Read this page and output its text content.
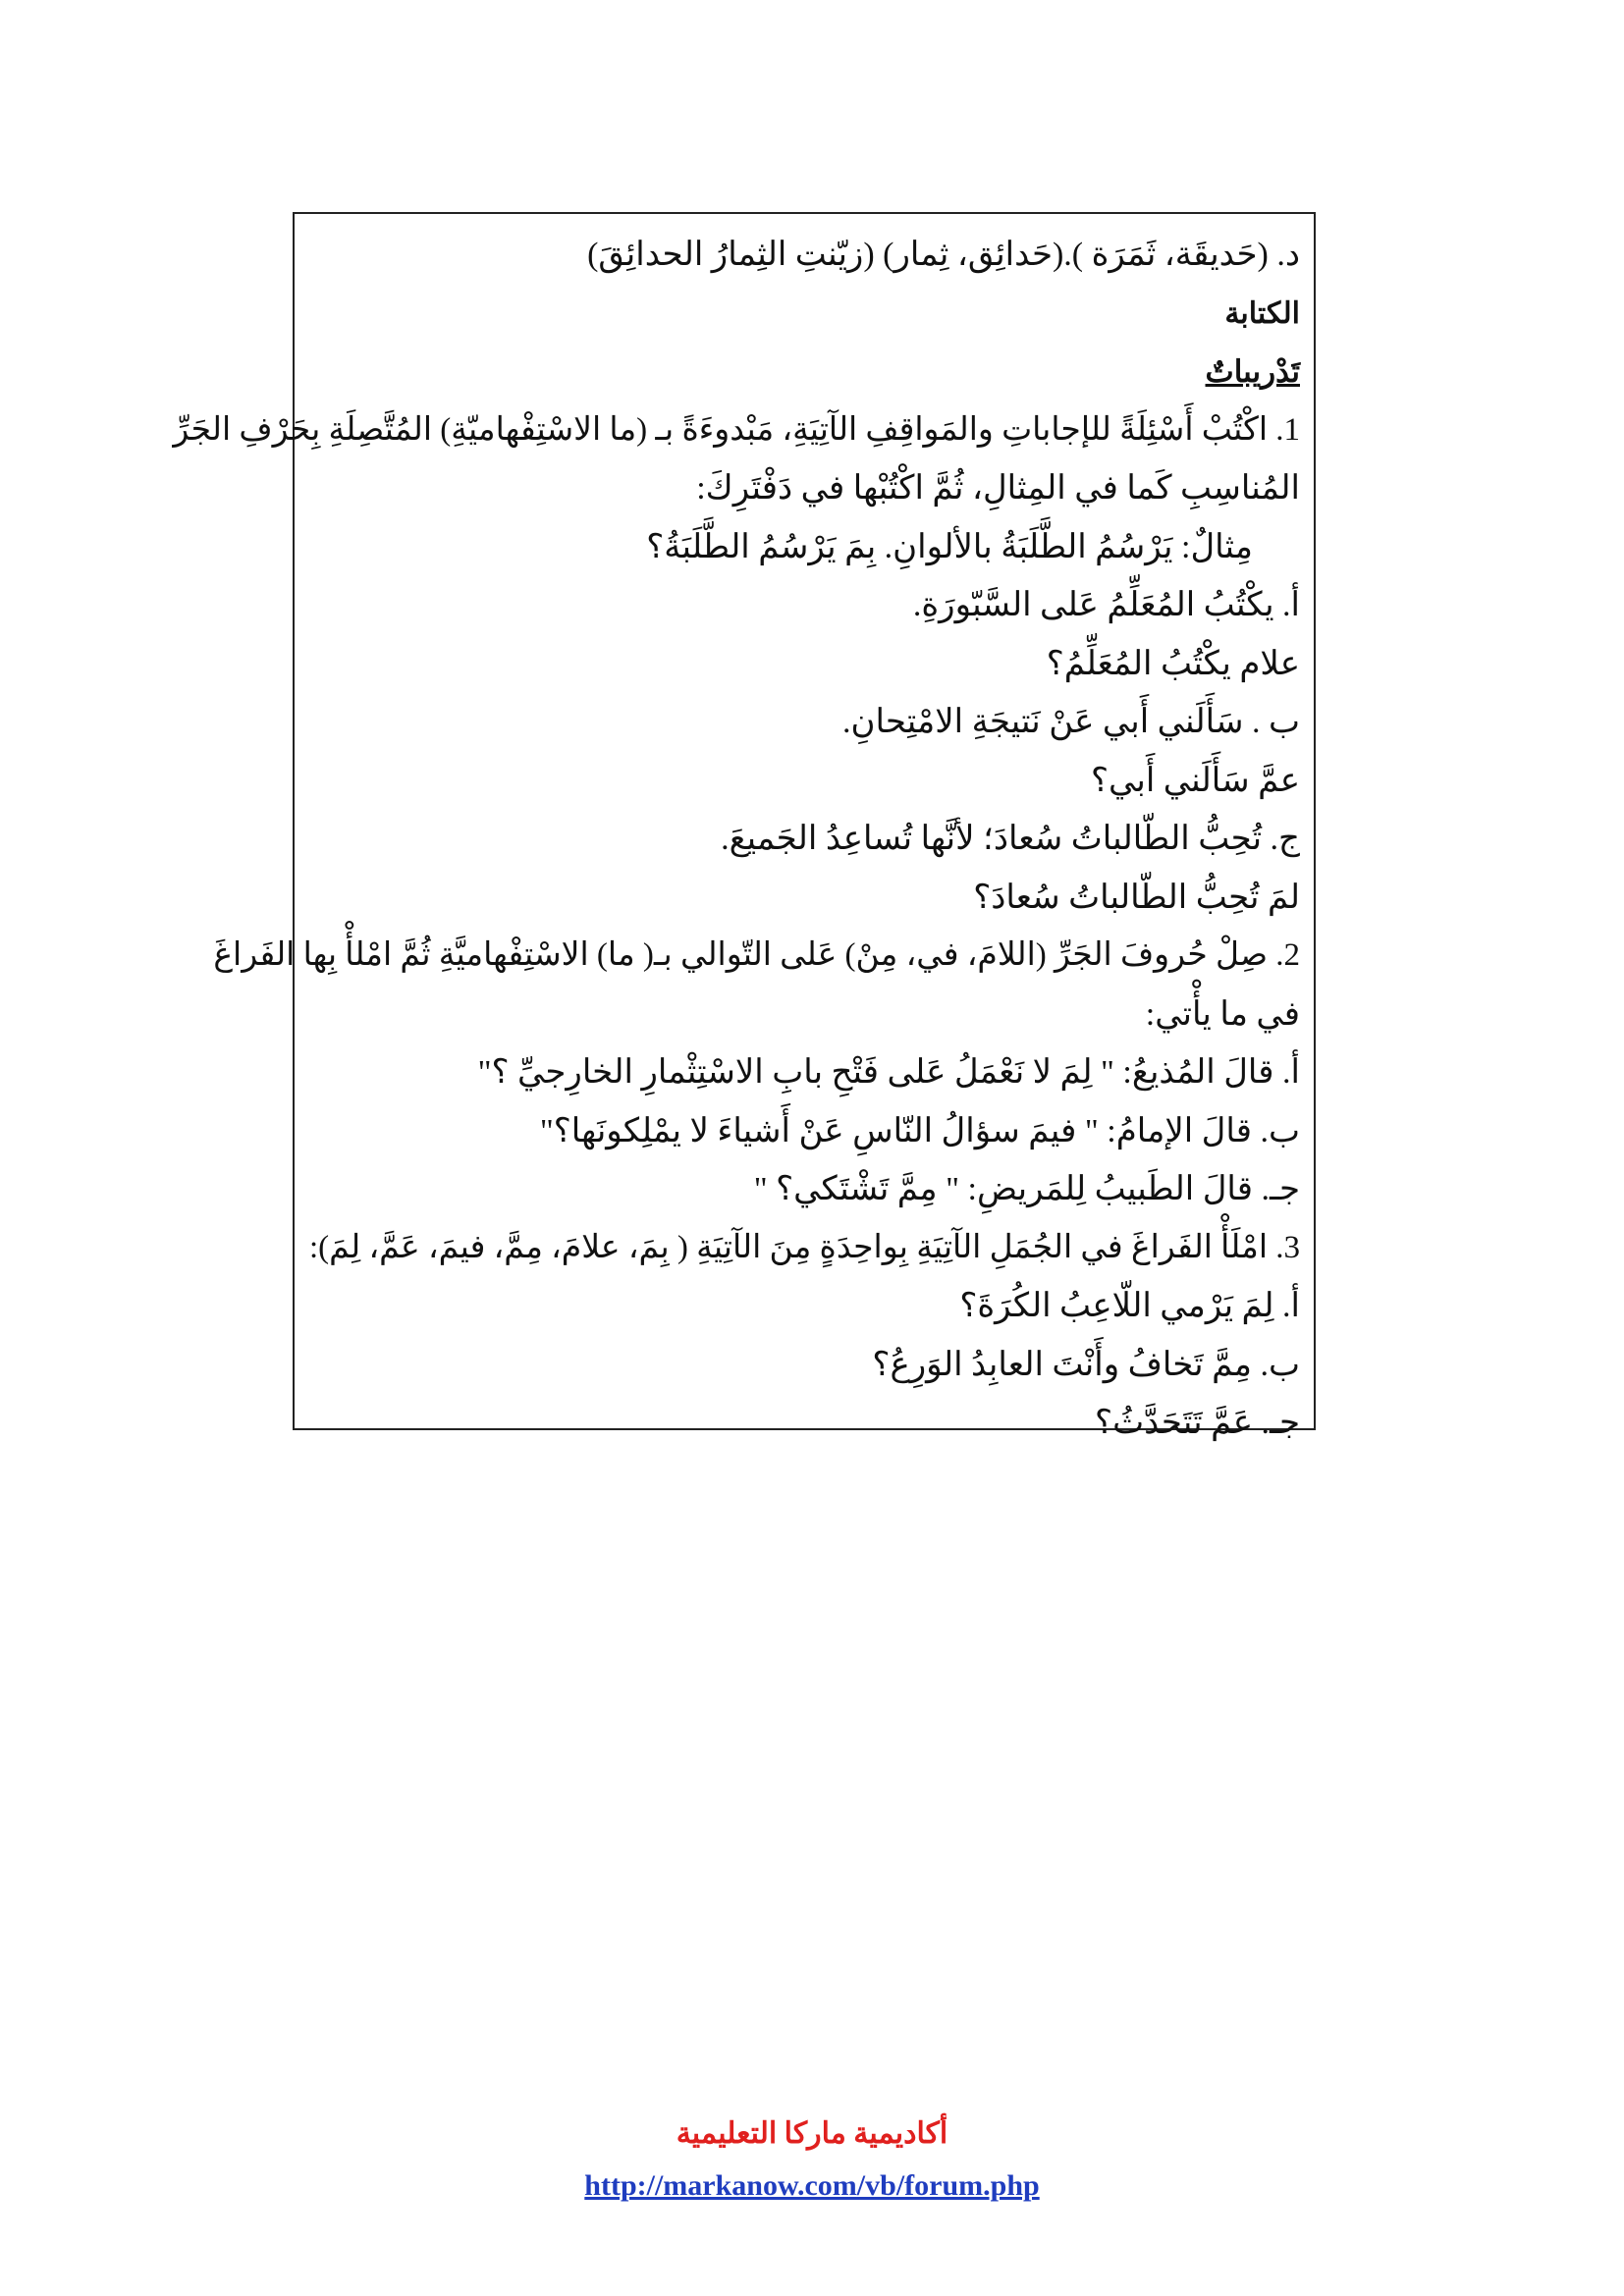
د. (حَديقَة، ثَمَرَة ).(حَدائِق، ثِمار) (زيّنتِ الثِمارُ الحدائِقَ)
الكتابة
تَدْريباتٌ
1. اكْتُبْ أَسْئِلَةً للإجاباتِ والمَواقِفِ الآتِيَةِ، مَبْدوءَةً بـ (ما الاسْتِفْهاميّةِ) المُتَّصِلَةِ بِحَرْفِ الجَرِّ
المُناسِبِ كَما في المِثالِ، ثُمَّ اكْتُبْها في دَفْتَرِكَ:
مِثالٌ: يَرْسُمُ الطَّلَبَةُ بالألوانِ. بِمَ يَرْسُمُ الطَّلَبَةُ؟
أ. يكْتُبُ المُعَلِّمُ عَلى السَّبّورَةِ.
علام يكْتُبُ المُعَلِّمُ؟
ب . سَأَلَني أَبي عَنْ نَتيجَةِ الامْتِحانِ.
عمَّ سَأَلَني أَبي؟
ج. تُحِبُّ الطّالباتُ سُعادَ؛ لأنَّها تُساعِدُ الجَميعَ.
لمَ تُحِبُّ الطّالباتُ سُعادَ؟
2. صِلْ حُروفَ الجَرِّ (اللامَ، في، مِنْ) عَلى التّوالي بـ( ما) الاسْتِفْهاميَّةِ ثُمَّ امْلأْ بِها الفَراغَ
في ما يأْتي:
أ. قالَ المُذيعُ: " لِمَ لا نَعْمَلُ عَلى فَتْحِ بابِ الاسْتِثْمارِ الخارِجيِّ ؟"
ب. قالَ الإمامُ: " فيمَ سؤالُ النّاسِ عَنْ أَشياءَ لا يمْلِكونَها؟"
جـ. قالَ الطَبيبُ لِلمَريضِ: " مِمَّ تَشْتَكي؟ "
3. امْلَأْ الفَراغَ في الجُمَلِ الآتِيَةِ بِواحِدَةٍ مِنَ الآتِيَةِ ( بِمَ، علامَ، مِمَّ، فيمَ، عَمَّ، لِمَ):
أ. لِمَ يَرْمي اللّاعِبُ الكُرَةَ؟
ب. مِمَّ تَخافُ وأَنْتَ العابِدُ الوَرِعُ؟
جـ. عَمَّ تَتَحَدَّثُ؟
أكاديمية ماركا التعليمية
http://markanow.com/vb/forum.php
